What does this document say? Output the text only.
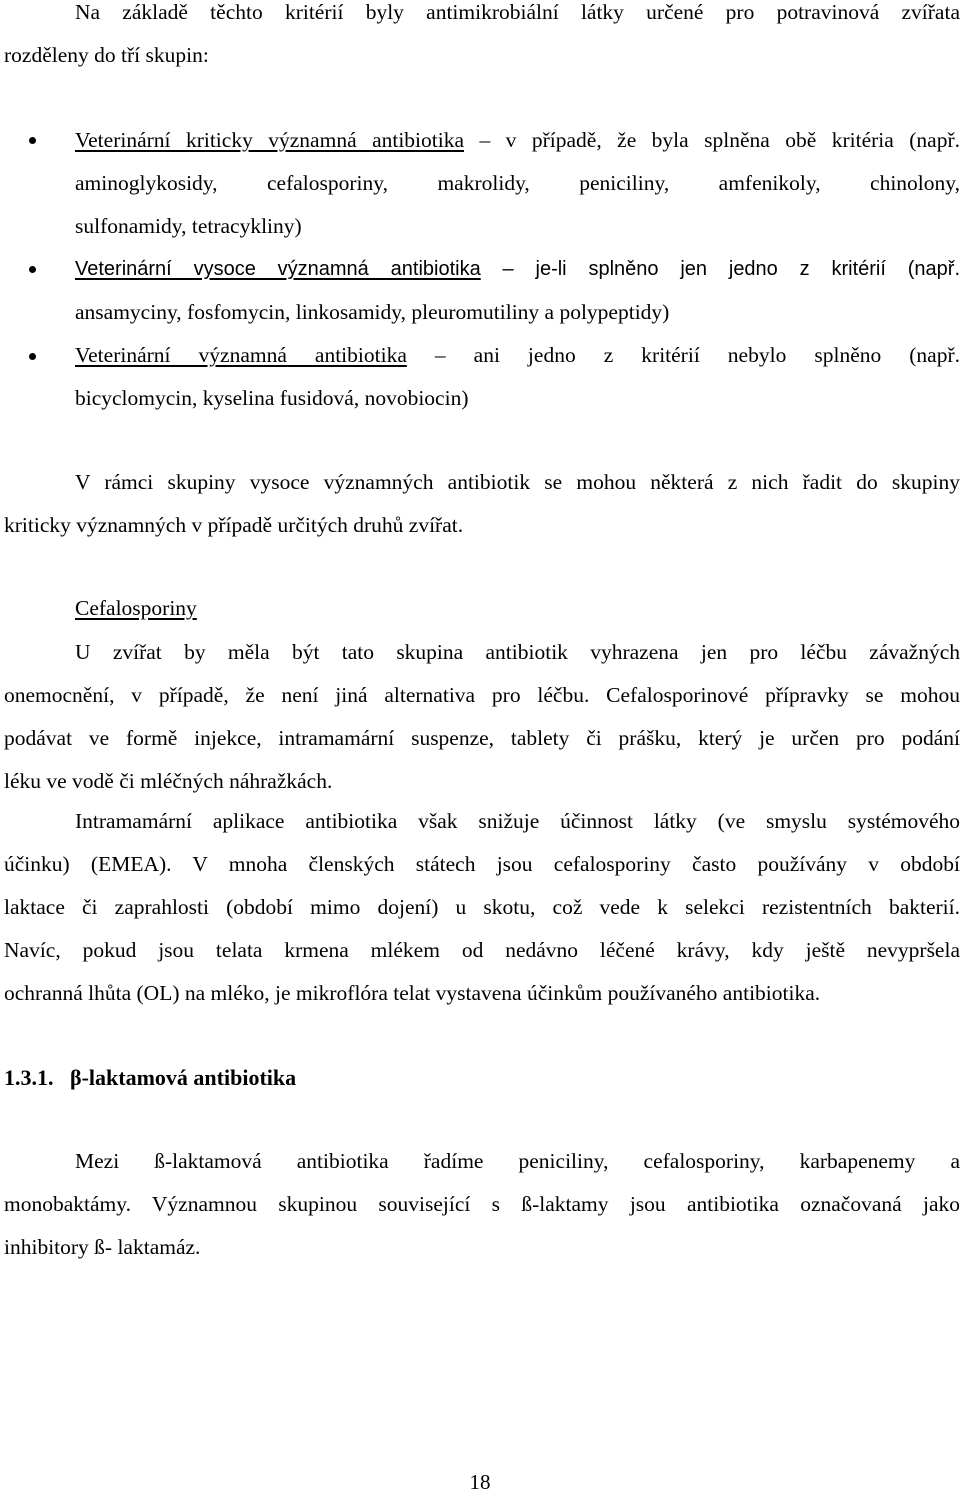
Na základě těchto kritérií byly antimikrobiální látky určené pro potravinová zvířata
rozděleny do tří skupin:
Veterinární kriticky významná antibiotika – v případě, že byla splněna obě kritéria (např.
aminoglykosidy, cefalosporiny, makrolidy, peniciliny, amfenikoly, chinolony,
sulfonamidy, tetracykliny)
Veterinární vysoce významná antibiotika – je-li splněno jen jedno z kritérií (např.
ansamyciny, fosfomycin, linkosamidy, pleuromutiliny a polypeptidy)
Veterinární významná antibiotika – ani jedno z kritérií nebylo splněno (např.
bicyclomycin, kyselina fusidová, novobiocin)
V rámci skupiny vysoce významných antibiotik se mohou některá z nich řadit do skupiny
kriticky významných v případě určitých druhů zvířat.
Cefalosporiny
U zvířat by měla být tato skupina antibiotik vyhrazena jen pro léčbu závažných
onemocnění, v případě, že není jiná alternativa pro léčbu. Cefalosporinové přípravky se mohou
podávat ve formě injekce, intramamární suspenze, tablety či prášku, který je určen pro podání
léku ve vodě či mléčných náhražkách.
Intramamární aplikace antibiotika však snižuje účinnost látky (ve smyslu systémového
účinku) (EMEA). V mnoha členských státech jsou cefalosporiny často používány v období
laktace či zaprahlosti (období mimo dojení) u skotu, což vede k selekci rezistentních bakterií.
Navíc, pokud jsou telata krmena mlékem od nedávno léčené krávy, kdy ještě nevypršela
ochranná lhůta (OL) na mléko, je mikroflóra telat vystavena účinkům používaného antibiotika.
1.3.1. β-laktamová antibiotika
Mezi ß-laktamová antibiotika řadíme peniciliny, cefalosporiny, karbapenemy a
monobaktámy. Významnou skupinou související s ß-laktamy jsou antibiotika označovaná jako
inhibitory ß- laktamáz.
18
